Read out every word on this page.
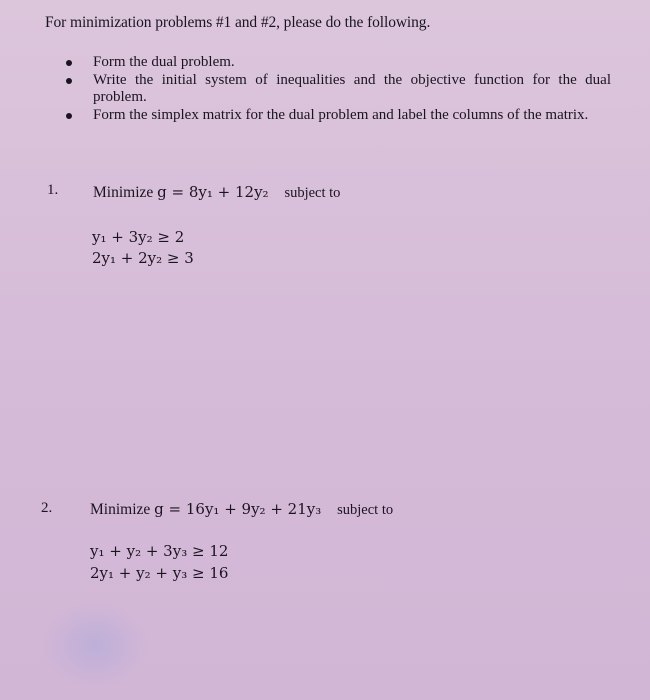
For minimization problems #1 and #2, please do the following.
Form the dual problem.
Write the initial system of inequalities and the objective function for the dual problem.
Form the simplex matrix for the dual problem and label the columns of the matrix.
1. Minimize g = 8y₁ + 12y₂ subject to
y₁ + 3y₂ ≥ 2
2y₁ + 2y₂ ≥ 3
2. Minimize g = 16y₁ + 9y₂ + 21y₃ subject to
y₁ + y₂ + 3y₃ ≥ 12
2y₁ + y₂ + y₃ ≥ 16
